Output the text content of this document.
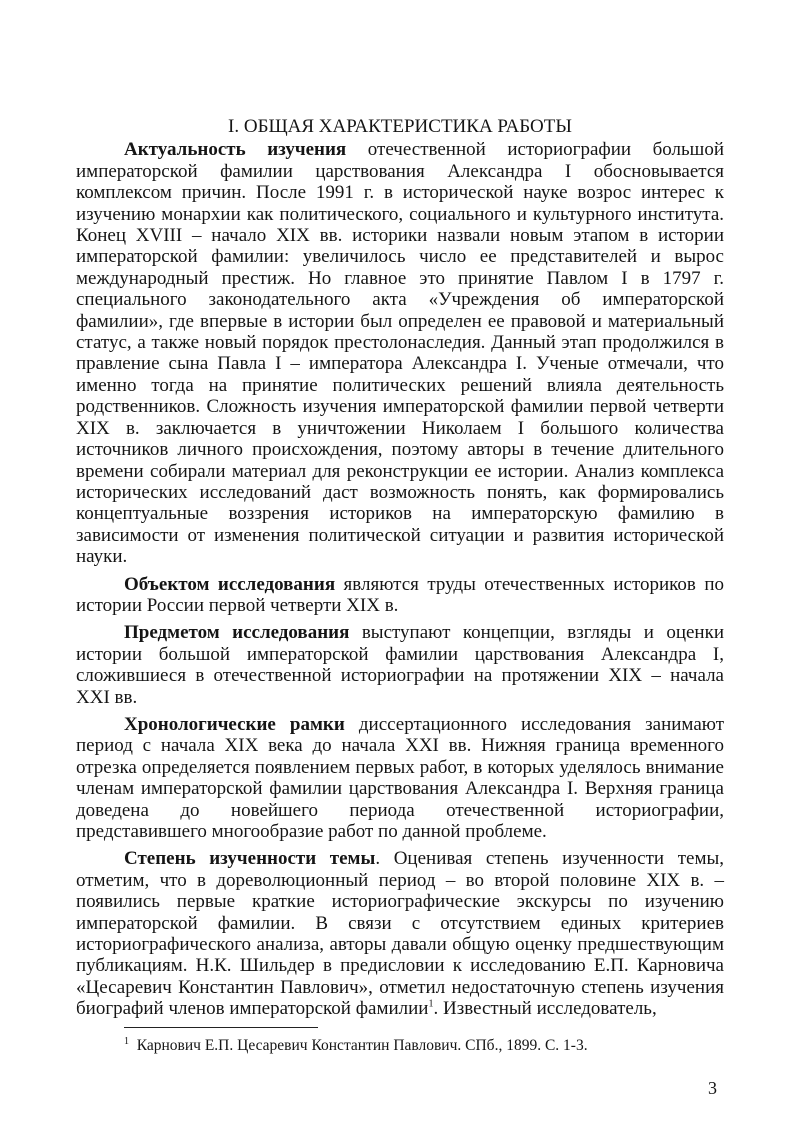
I. ОБЩАЯ ХАРАКТЕРИСТИКА РАБОТЫ

Актуальность изучения отечественной историографии большой императорской фамилии царствования Александра I обосновывается комплексом причин. После 1991 г. в исторической науке возрос интерес к изучению монархии как политического, социального и культурного института. Конец XVIII – начало XIX вв. историки назвали новым этапом в истории императорской фамилии: увеличилось число ее представителей и вырос международный престиж. Но главное это принятие Павлом I в 1797 г. специального законодательного акта «Учреждения об императорской фамилии», где впервые в истории был определен ее правовой и материальный статус, а также новый порядок престолонаследия. Данный этап продолжился в правление сына Павла I – императора Александра I. Ученые отмечали, что именно тогда на принятие политических решений влияла деятельность родственников. Сложность изучения императорской фамилии первой четверти XIX в. заключается в уничтожении Николаем I большого количества источников личного происхождения, поэтому авторы в течение длительного времени собирали материал для реконструкции ее истории. Анализ комплекса исторических исследований даст возможность понять, как формировались концептуальные воззрения историков на императорскую фамилию в зависимости от изменения политической ситуации и развития исторической науки.

Объектом исследования являются труды отечественных историков по истории России первой четверти XIX в.

Предметом исследования выступают концепции, взгляды и оценки истории большой императорской фамилии царствования Александра I, сложившиеся в отечественной историографии на протяжении XIX – начала XXI вв.

Хронологические рамки диссертационного исследования занимают период с начала XIX века до начала XXI вв. Нижняя граница временного отрезка определяется появлением первых работ, в которых уделялось внимание членам императорской фамилии царствования Александра I. Верхняя граница доведена до новейшего периода отечественной историографии, представившего многообразие работ по данной проблеме.

Степень изученности темы. Оценивая степень изученности темы, отметим, что в дореволюционный период – во второй половине XIX в. – появились первые краткие историографические экскурсы по изучению императорской фамилии. В связи с отсутствием единых критериев историографического анализа, авторы давали общую оценку предшествующим публикациям. Н.К. Шильдер в предисловии к исследованию Е.П. Карновича «Цесаревич Константин Павлович», отметил недостаточную степень изучения биографий членов императорской фамилии$^1$. Известный исследователь,

$^1$ Карнович Е.П. Цесаревич Константин Павлович. СПб., 1899. С. 1-3.
3
